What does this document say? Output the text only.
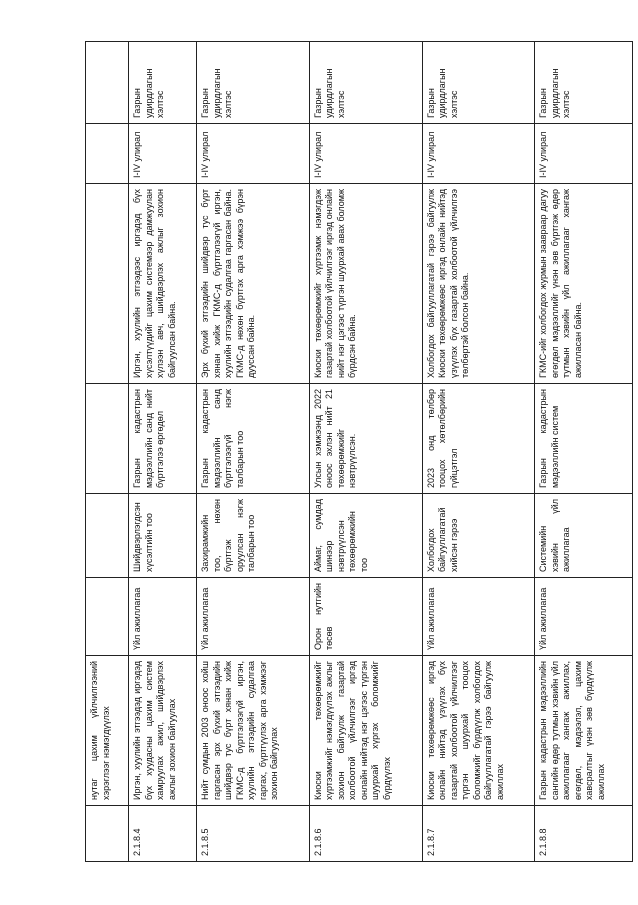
	нутаг цахим үйлчилгээний хэрэглээг нэмэгдүүлэх						
2.1.8.4	Иргэн, хуулийн этгээдэд иргэдэд бүх хуудасны цахим систем хамруулах ажил, шийдвэрлэх ажлыг зохион байгуулах	Үйл ажиллагаа	Шийдвэрлэгдсэн хүсэлтийн тоо	Газрын кадастрын мэдээллийн санд нийт бүртгэлээ өргөдөл	Иргэн, хуулийн этгээдээс иргэдэд бүх хүсэлтүүдийг цахим системээр дамжуулан хүлээн авч, шийдвэрлэх ажлыг зохион байгуулсан байна.	I-IV улирал	Газрын удирдлагын хэлтэс
2.1.8.5	Нийт сумдын 2003 оноос хойш гаргасан эрх бүхий этгээдийн шийдвэр тус бүрт хянан хийж ГКМС-д бүртгэлээгүй иргэн, хуулийн этгээдийн судалгаа гаргах, бүртгүүлэх арга хэмжээг зохион байгуулах	Үйл ажиллагаа	Захирамжийн тоо, нөхөн бүртгэж оруулсан нэгж талбарын тоо	Газрын кадастрын мэдээллийн санд бүртгэлээгүй нэгж талбарын тоо	Эрх бүхий этгээдийн шийдвэр тус бүрт хянан хийж ГКМС-д бүртгэлээгүй иргэн, хуулийн этгээдийн судалгаа гаргасан байна. ГКМС-д нөхөн бүртгэх арга хэмжээ бүрэн дууссан байна.	I-IV улирал	Газрын удирдлагын хэлтэс
2.1.8.6	Киоски төхөөрөмжийг хүртээмжийг нэмэгдүүлэх ажлыг зохион байгуулж газартай холбоотой үйлчилгээг иргэд онлайн нийтэд нэг цэгээс түргэн шуурхай хүргэх боломжийг бүрдүүлэх	Орон нутгийн төсөв	Аймаг, сумдад шинээр нэвтрүүлсэн төхөөрөмжийн тоо	Улсын хэмжээнд 2022 оноос эхлэн нийт 21 төхөөрөмжийг нэвтрүүлсэн.	Киоски төхөөрөмжийг хүртээмж нэмэгдэж газартай холбоотой үйлчилгээг иргэд онлайн нийт нэг цэгээс түргэн шуурхай авах боломж бүрдсэн байна.	I-IV улирал	Газрын удирдлагын хэлтэс
2.1.8.7	Киоски төхөөрөмжөөс иргэд онлайн нийтэд үзүүлэх бүх газартай холбоотой үйлчилгээг түргэн шуурхай тооцох боломжийг бүрдүүлж холбогдох байгууллагатай гэрээ байгуулж ажиллах	Үйл ажиллагаа	Холбогдох байгууллагатай хийсэн гэрээ	2023 онд төлбөр тооцох хөтөлбөрийн гүйцэтгэл	Холбогдох байгууллагатай гэрээ байгуулж Киоски төхөөрөмжөөс иргэд онлайн нийтэд үзүүлэх бүх газартай холбоотой үйлчилгээ төлбөртэй болсон байна.	I-IV улирал	Газрын удирдлагын хэлтэс
2.1.8.8	Газрын кадастрын мэдээллийн сангийн өдөр тутмын хэвийн үйл ажиллагааг хангаж ажиллах, өгөгдөл, мэдээлэл, цахим хавсралтыг үнэн зөв бүрдүүлж ажиллах	Үйл ажиллагаа	Системийн хэвийн үйл ажиллагаа	Газрын кадастрын мэдээллийн систем	ГКМС-ийг холбогдох журмын заавраар дагуу өгөгдөл мэдээллийг үнэн зөв бүртгэж өдөр тутмын хэвийн үйл ажиллагааг хангаж ажилласан байна.	I-IV улирал	Газрын удирдлагын хэлтэс
